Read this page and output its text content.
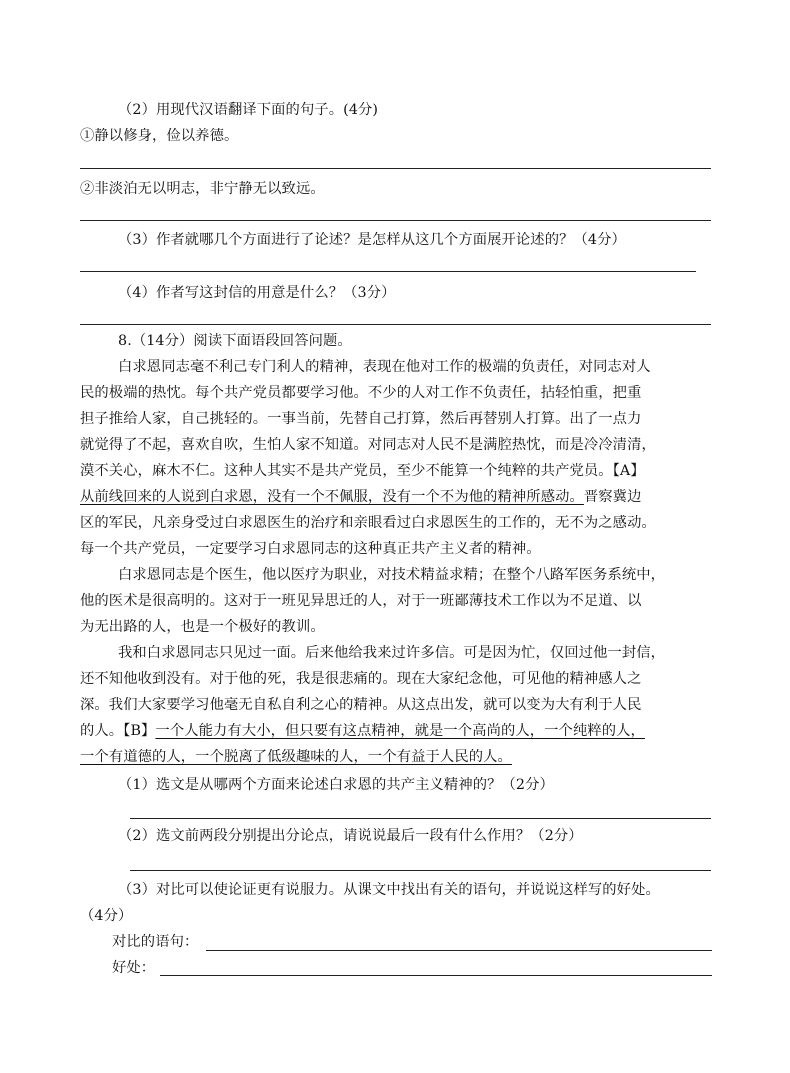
（2）用现代汉语翻译下面的句子。(4分)
①静以修身，俭以养德。
②非淡泊无以明志，非宁静无以致远。
（3）作者就哪几个方面进行了论述？是怎样从这几个方面展开论述的？（4分）
（4）作者写这封信的用意是什么？（3分）
8.（14分）阅读下面语段回答问题。
白求恩同志毫不利己专门利人的精神，表现在他对工作的极端的负责任，对同志对人
民的极端的热忱。每个共产党员都要学习他。不少的人对工作不负责任，拈轻怕重，把重
担子推给人家，自己挑轻的。一事当前，先替自己打算，然后再替别人打算。出了一点力
就觉得了不起，喜欢自吹，生怕人家不知道。对同志对人民不是满腔热忱，而是冷冷清清，
漠不关心，麻木不仁。这种人其实不是共产党员，至少不能算一个纯粹的共产党员。【A】
从前线回来的人说到白求恩，没有一个不佩服，没有一个不为他的精神所感动。晋察冀边
区的军民，凡亲身受过白求恩医生的治疗和亲眼看过白求恩医生的工作的，无不为之感动。
每一个共产党员，一定要学习白求恩同志的这种真正共产主义者的精神。
白求恩同志是个医生，他以医疗为职业，对技术精益求精；在整个八路军医务系统中，
他的医术是很高明的。这对于一班见异思迁的人，对于一班鄙薄技术工作以为不足道、以
为无出路的人，也是一个极好的教训。
我和白求恩同志只见过一面。后来他给我来过许多信。可是因为忙，仅回过他一封信，
还不知他收到没有。对于他的死，我是很悲痛的。现在大家纪念他，可见他的精神感人之
深。我们大家要学习他毫无自私自利之心的精神。从这点出发，就可以变为大有利于人民
的人。【B】一个人能力有大小，但只要有这点精神，就是一个高尚的人，一个纯粹的人，
一个有道德的人，一个脱离了低级趣味的人，一个有益于人民的人。
（1）选文是从哪两个方面来论述白求恩的共产主义精神的？（2分）
（2）选文前两段分别提出分论点，请说说最后一段有什么作用？（2分）
（3）对比可以使论证更有说服力。从课文中找出有关的语句，并说说这样写的好处。
（4分）
对比的语句：
好处：
